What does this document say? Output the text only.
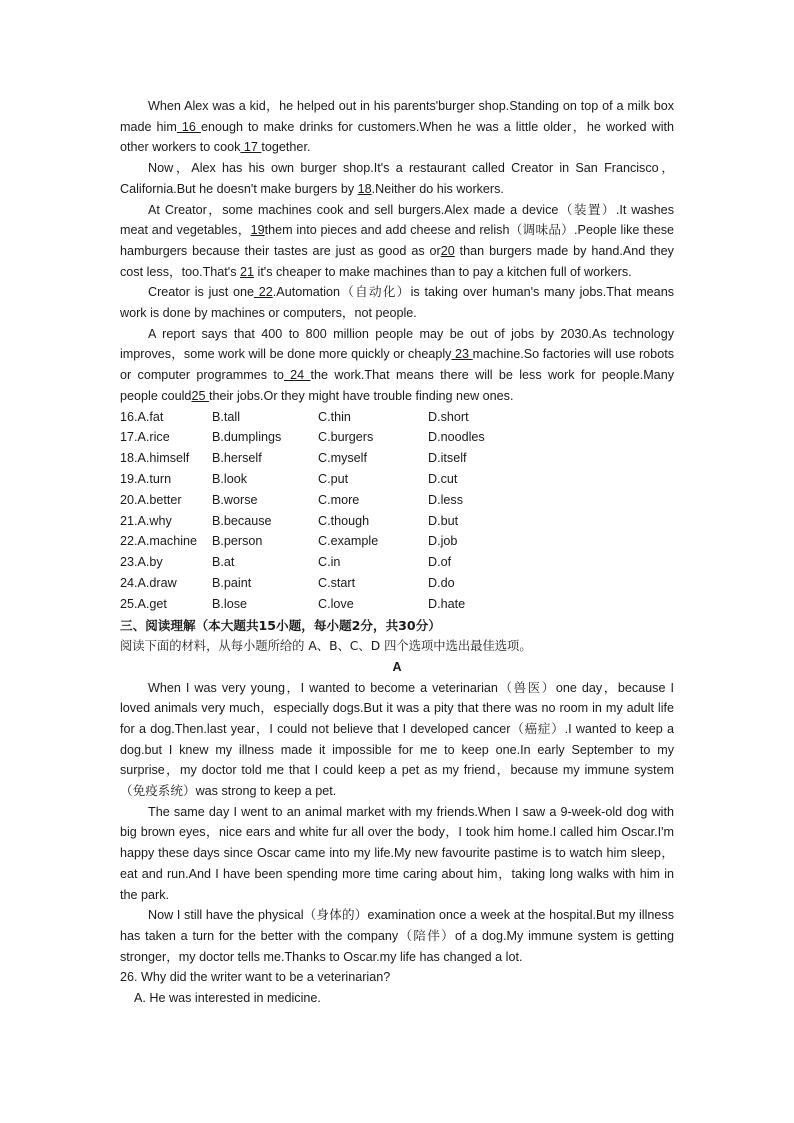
When Alex was a kid，he helped out in his parents'burger shop.Standing on top of a milk box made him 16 enough to make drinks for customers.When he was a little older，he worked with other workers to cook 17 together.

Now，Alex has his own burger shop.It's a restaurant called Creator in San Francisco，California.But he doesn't make burgers by 18.Neither do his workers.

At Creator，some machines cook and sell burgers.Alex made a device（装置）.It washes meat and vegetables，19them into pieces and add cheese and relish（调味品）.People like these hamburgers because their tastes are just as good as or20 than burgers made by hand.And they cost less，too.That's 21 it's cheaper to make machines than to pay a kitchen full of workers.

Creator is just one 22.Automation（自动化）is taking over human's many jobs.That means work is done by machines or computers，not people.

A report says that 400 to 800 million people may be out of jobs by 2030.As technology improves，some work will be done more quickly or cheaply 23 machine.So factories will use robots or computer programmes to 24 the work.That means there will be less work for people.Many people could25 their jobs.Or they might have trouble finding new ones.

16.A.fat	B.tall	C.thin	D.short
17.A.rice	B.dumplings	C.burgers	D.noodles
18.A.himself	B.herself	C.myself	D.itself
19.A.turn	B.look	C.put	D.cut
20.A.better	B.worse	C.more	D.less
21.A.why	B.because	C.though	D.but
22.A.machine	B.person	C.example	D.job
23.A.by	B.at	C.in	D.of
24.A.draw	B.paint	C.start	D.do
25.A.get	B.lose	C.love	D.hate

三、阅读理解（本大题共15小题，每小题2分，共30分）

阅读下面的材料，从每小题所给的 A、B、C、D 四个选项中选出最佳选项。

A

When I was very young，I wanted to become a veterinarian（兽医）one day，because I loved animals very much，especially dogs.But it was a pity that there was no room in my adult life for a dog.Then.last year，I could not believe that I developed cancer（癌症）.I wanted to keep a dog.but I knew my illness made it impossible for me to keep one.In early September to my surprise，my doctor told me that I could keep a pet as my friend，because my immune system（免疫系统）was strong to keep a pet.

The same day I went to an animal market with my friends.When I saw a 9-week-old dog with big brown eyes，nice ears and white fur all over the body，I took him home.I called him Oscar.I'm happy these days since Oscar came into my life.My new favourite pastime is to watch him sleep，eat and run.And I have been spending more time caring about him，taking long walks with him in the park.

Now I still have the physical（身体的）examination once a week at the hospital.But my illness has taken a turn for the better with the company（陪伴）of a dog.My immune system is getting stronger，my doctor tells me.Thanks to Oscar.my life has changed a lot.

26. Why did the writer want to be a veterinarian?

A. He was interested in medicine.
